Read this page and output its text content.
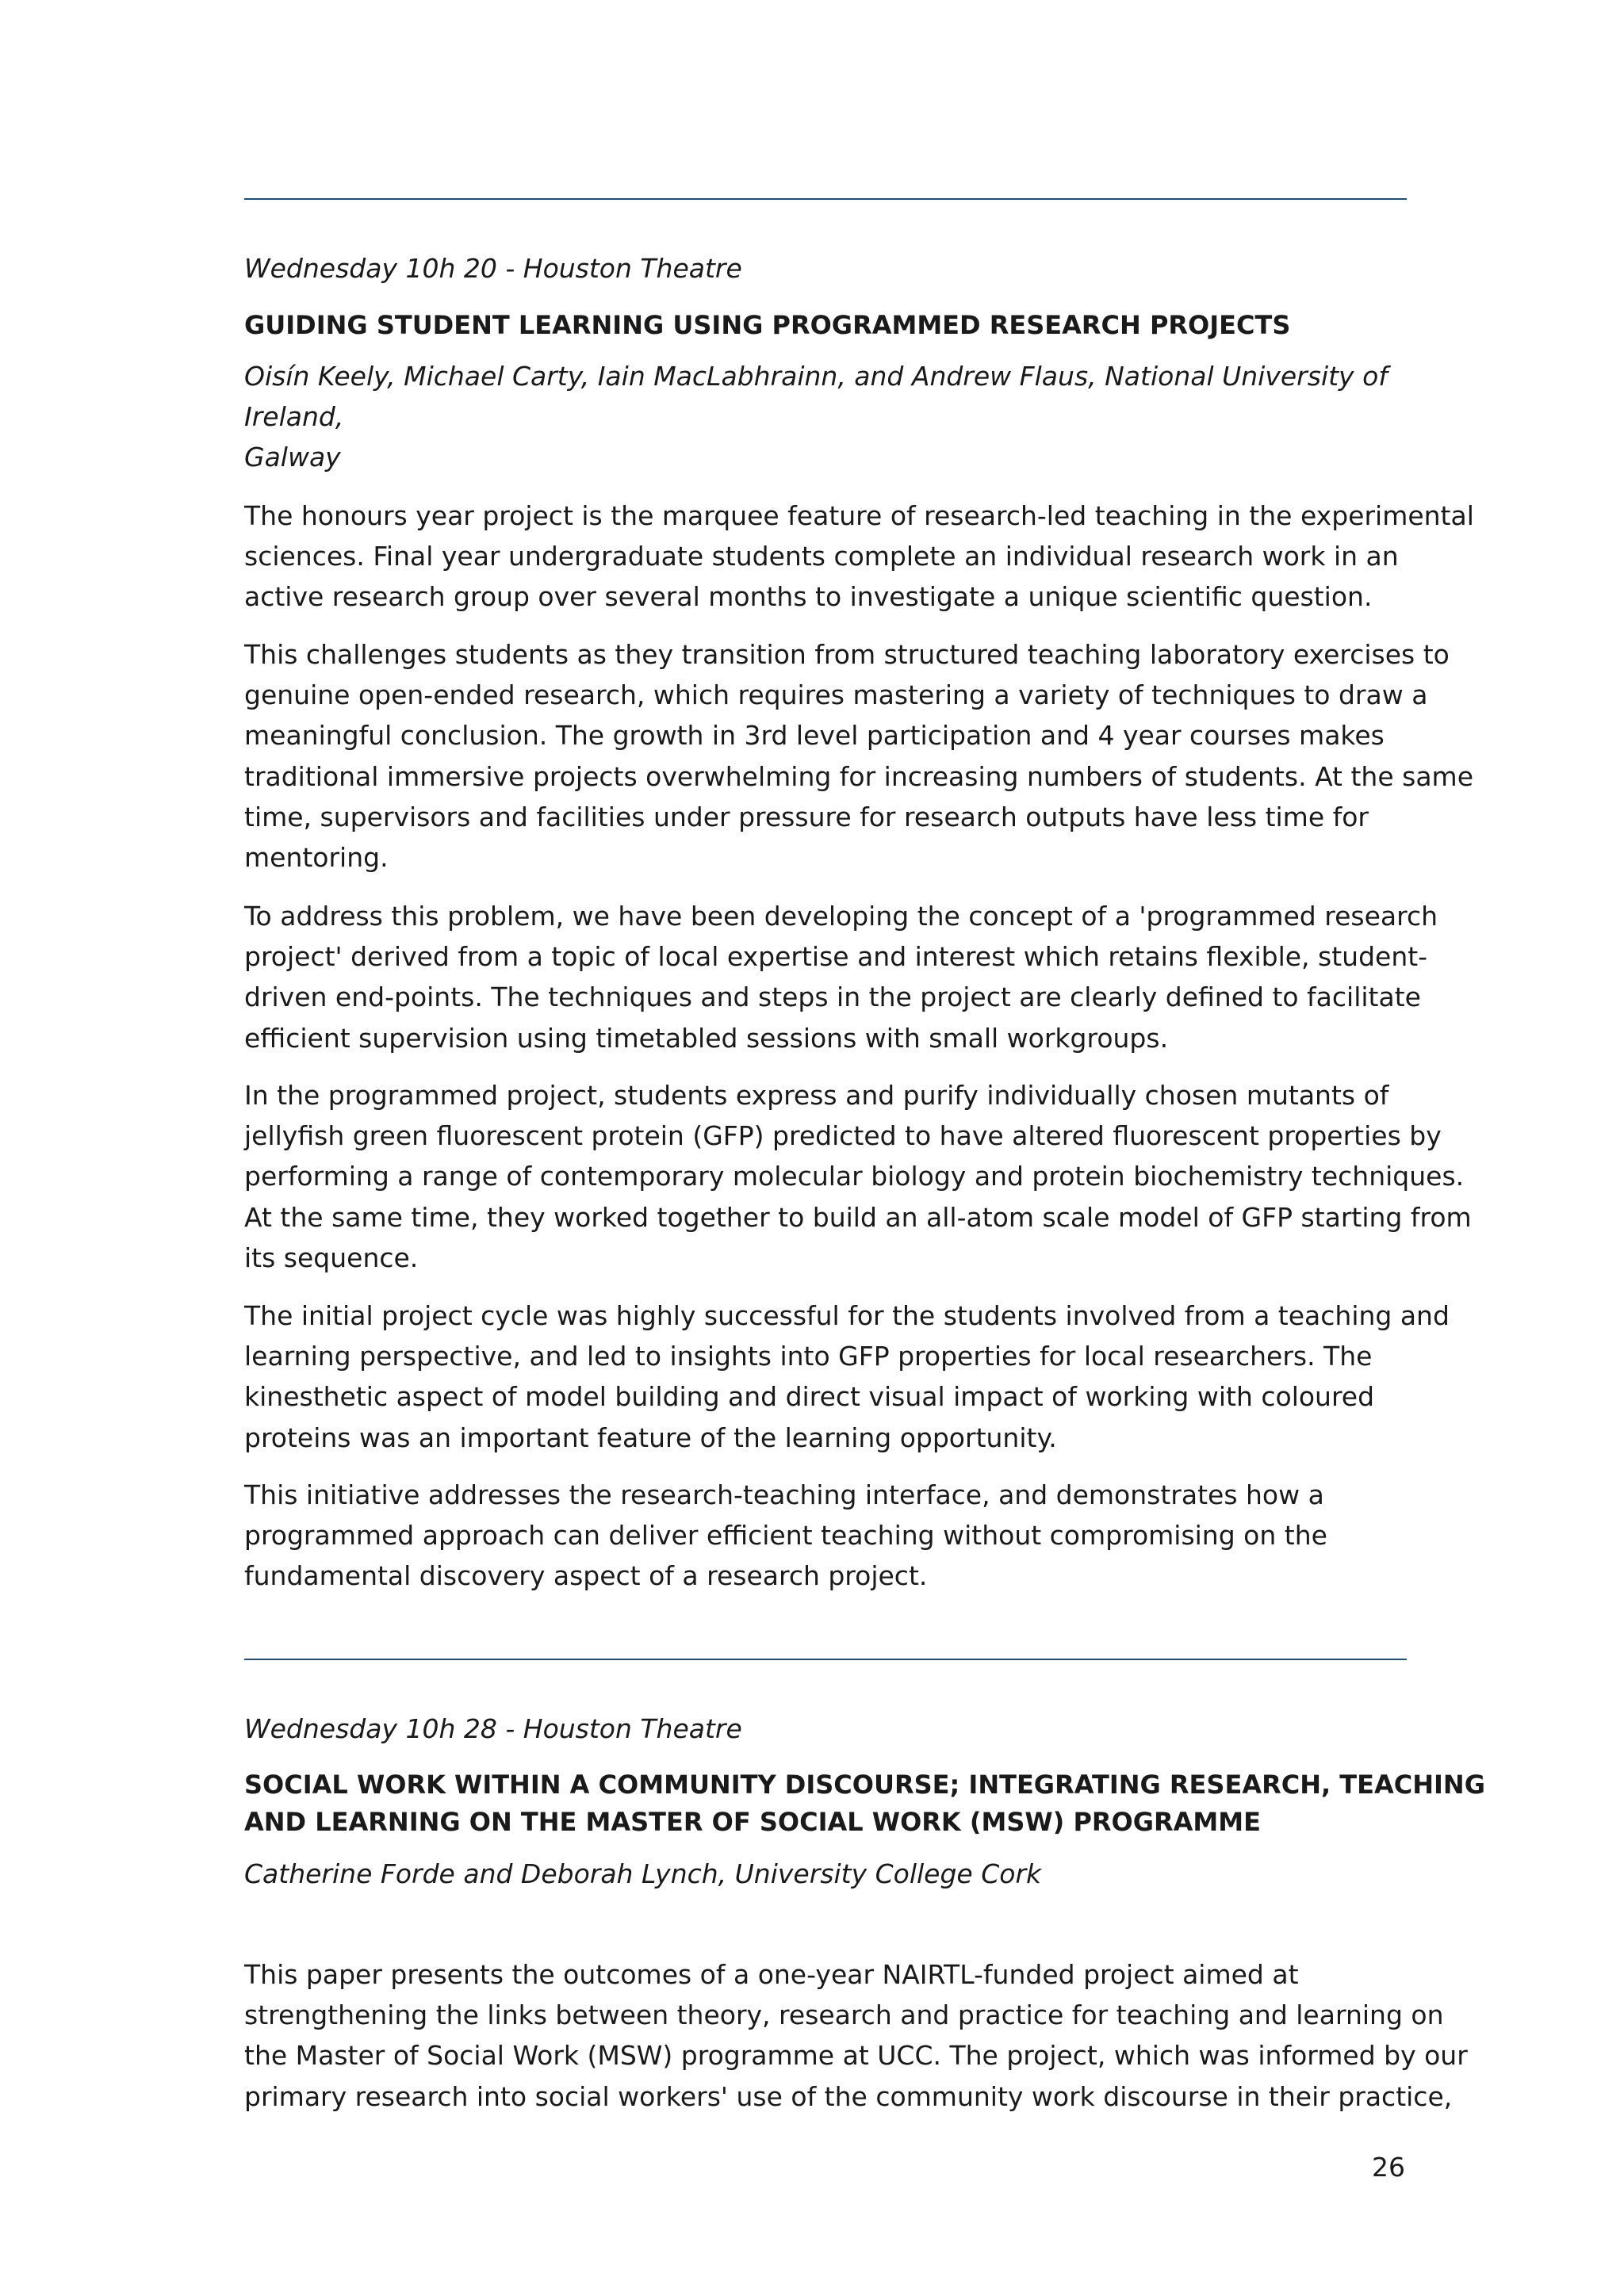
Wednesday 10h 20 - Houston Theatre
GUIDING STUDENT LEARNING USING PROGRAMMED RESEARCH PROJECTS
Oisín Keely, Michael Carty, Iain MacLabhrainn, and Andrew Flaus, National University of Ireland,
Galway
The honours year project is the marquee feature of research-led teaching in the experimental
sciences. Final year undergraduate students complete an individual research work in an
active research group over several months to investigate a unique scientific question.
This challenges students as they transition from structured teaching laboratory exercises to
genuine open-ended research, which requires mastering a variety of techniques to draw a
meaningful conclusion. The growth in 3rd level participation and 4 year courses makes
traditional immersive projects overwhelming for increasing numbers of students. At the same
time, supervisors and facilities under pressure for research outputs have less time for
mentoring.
To address this problem, we have been developing the concept of a 'programmed research
project' derived from a topic of local expertise and interest which retains flexible, student-
driven end-points. The techniques and steps in the project are clearly defined to facilitate
efficient supervision using timetabled sessions with small workgroups.
In the programmed project, students express and purify individually chosen mutants of
jellyfish green fluorescent protein (GFP) predicted to have altered fluorescent properties by
performing a range of contemporary molecular biology and protein biochemistry techniques.
At the same time, they worked together to build an all-atom scale model of GFP starting from
its sequence.
The initial project cycle was highly successful for the students involved from a teaching and
learning perspective, and led to insights into GFP properties for local researchers. The
kinesthetic aspect of model building and direct visual impact of working with coloured
proteins was an important feature of the learning opportunity.
This initiative addresses the research-teaching interface, and demonstrates how a
programmed approach can deliver efficient teaching without compromising on the
fundamental discovery aspect of a research project.
Wednesday 10h 28 - Houston Theatre
SOCIAL WORK WITHIN A COMMUNITY DISCOURSE; INTEGRATING RESEARCH, TEACHING
AND LEARNING ON THE MASTER OF SOCIAL WORK (MSW) PROGRAMME
Catherine Forde and Deborah Lynch, University College Cork
This paper presents the outcomes of a one-year NAIRTL-funded project aimed at
strengthening the links between theory, research and practice for teaching and learning on
the Master of Social Work (MSW) programme at UCC. The project, which was informed by our
primary research into social workers' use of the community work discourse in their practice,
26
